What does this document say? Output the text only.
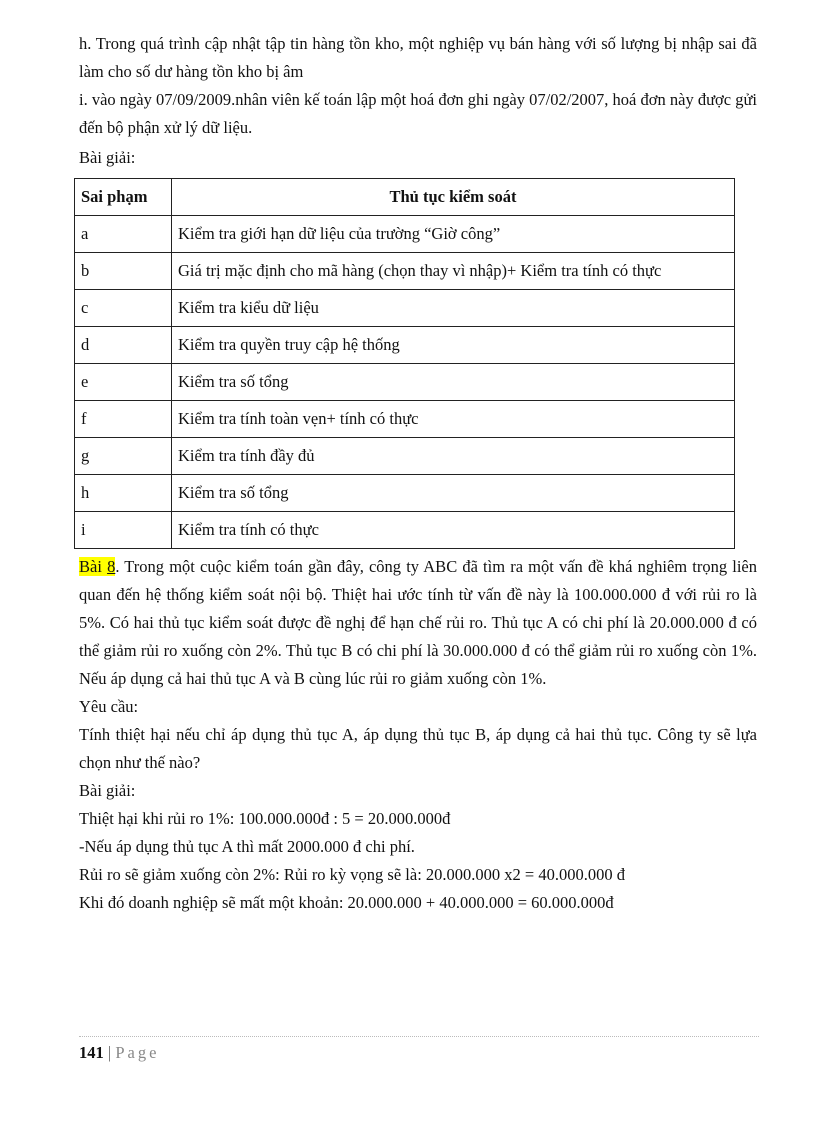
h. Trong quá trình cập nhật tập tin hàng tồn kho, một nghiệp vụ bán hàng với số lượng bị nhập sai đã làm cho số dư hàng tồn kho bị âm

i. vào ngày 07/09/2009.nhân viên kế toán lập một hoá đơn ghi ngày 07/02/2007, hoá đơn này được gửi đến bộ phận xử lý dữ liệu.

Bài giải:

Sai phạm	Thủ tục kiểm soát
a	Kiểm tra giới hạn dữ liệu của trường “Giờ công”
b	Giá trị mặc định cho mã hàng (chọn thay vì nhập)+ Kiểm tra tính có thực
c	Kiểm tra kiểu dữ liệu
d	Kiểm tra quyền truy cập hệ thống
e	Kiểm tra số tổng
f	Kiểm tra tính toàn vẹn+ tính có thực
g	Kiểm tra tính đầy đủ
h	Kiểm tra số tổng
i	Kiểm tra tính có thực

Bài 8. Trong một cuộc kiểm toán gần đây, công ty ABC đã tìm ra một vấn đề khá nghiêm trọng liên quan đến hệ thống kiểm soát nội bộ. Thiệt hai ước tính từ vấn đề này là 100.000.000 đ với rủi ro là 5%. Có hai thủ tục kiểm soát được đề nghị để hạn chế rủi ro. Thủ tục A có chi phí là 20.000.000 đ có thể giảm rủi ro xuống còn 2%. Thủ tục B có chi phí là 30.000.000 đ có thể giảm rủi ro xuống còn 1%. Nếu áp dụng cả hai thủ tục A và B cùng lúc rủi ro giảm xuống còn 1%.

Yêu cầu:

Tính thiệt hại nếu chỉ áp dụng thủ tục A, áp dụng thủ tục B, áp dụng cả hai thủ tục. Công ty sẽ lựa chọn như thế nào?

Bài giải:

Thiệt hại khi rủi ro 1%: 100.000.000đ : 5 = 20.000.000đ

-Nếu áp dụng thủ tục A thì mất 2000.000 đ chi phí.

Rủi ro sẽ giảm xuống còn 2%: Rủi ro kỳ vọng sẽ là: 20.000.000 x2 = 40.000.000 đ

Khi đó doanh nghiệp sẽ mất một khoản: 20.000.000 + 40.000.000 = 60.000.000đ

141 | Page
